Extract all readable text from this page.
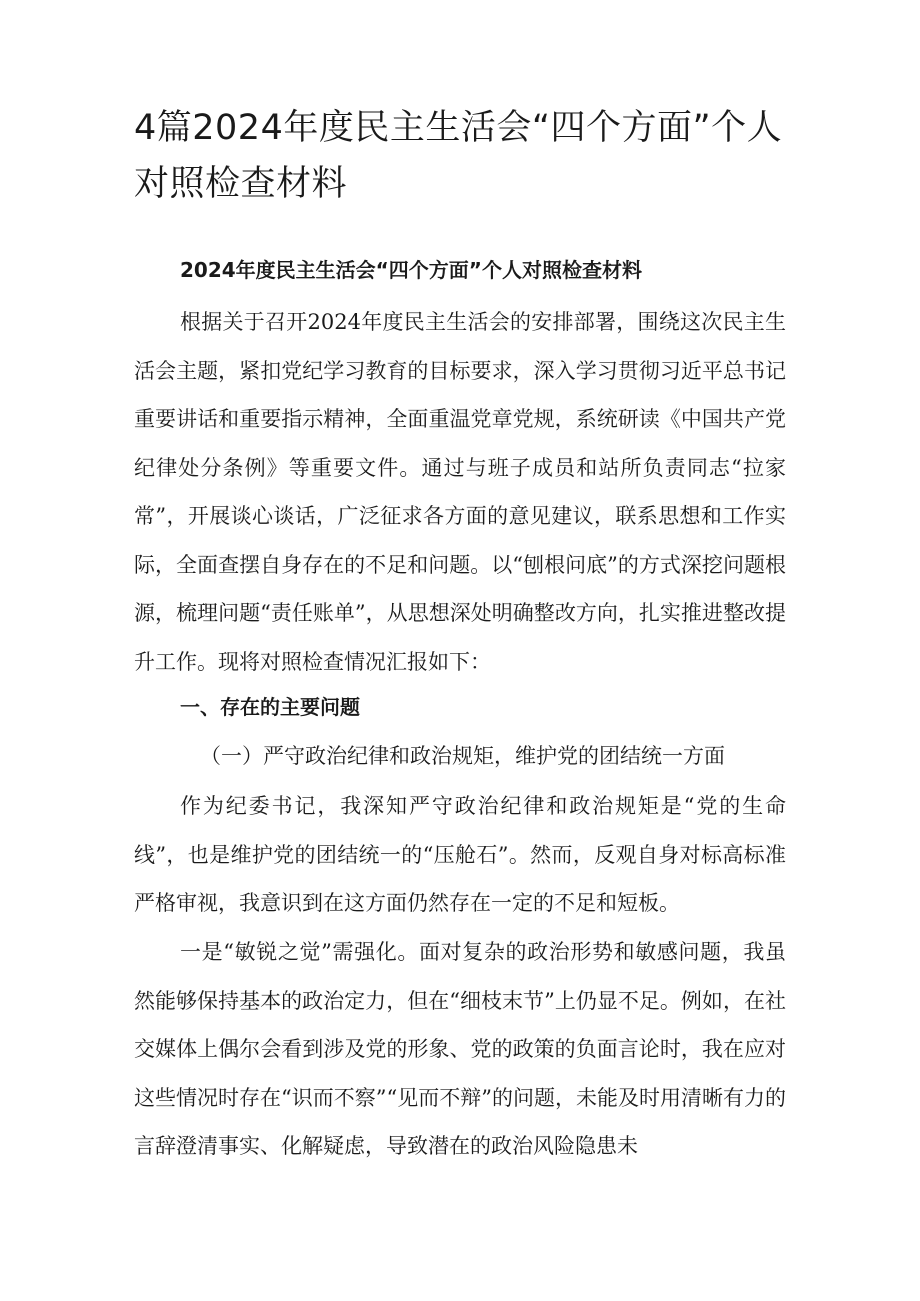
4篇2024年度民主生活会“四个方面”个人对照检查材料
2024年度民主生活会“四个方面”个人对照检查材料

根据关于召开2024年度民主生活会的安排部署，围绕这次民主生活会主题，紧扣党纪学习教育的目标要求，深入学习贯彻习近平总书记重要讲话和重要指示精神，全面重温党章党规，系统研读《中国共产党纪律处分条例》等重要文件。通过与班子成员和站所负责同志“拉家常”，开展谈心谈话，广泛征求各方面的意见建议，联系思想和工作实际，全面查摆自身存在的不足和问题。以“刨根问底”的方式深挖问题根源，梳理问题“责任账单”，从思想深处明确整改方向，扎实推进整改提升工作。现将对照检查情况汇报如下：

一、存在的主要问题

（一）严守政治纪律和政治规矩，维护党的团结统一方面

作为纪委书记，我深知严守政治纪律和政治规矩是“党的生命线”，也是维护党的团结统一的“压舱石”。然而，反观自身对标高标准严格审视，我意识到在这方面仍然存在一定的不足和短板。

一是“敏锐之觉”需强化。面对复杂的政治形势和敏感问题，我虽然能够保持基本的政治定力，但在“细枝末节”上仍显不足。例如，在社交媒体上偶尔会看到涉及党的形象、党的政策的负面言论时，我在应对这些情况时存在“识而不察”“见而不辩”的问题，未能及时用清晰有力的言辞澄清事实、化解疑虑，导致潜在的政治风险隐患未
